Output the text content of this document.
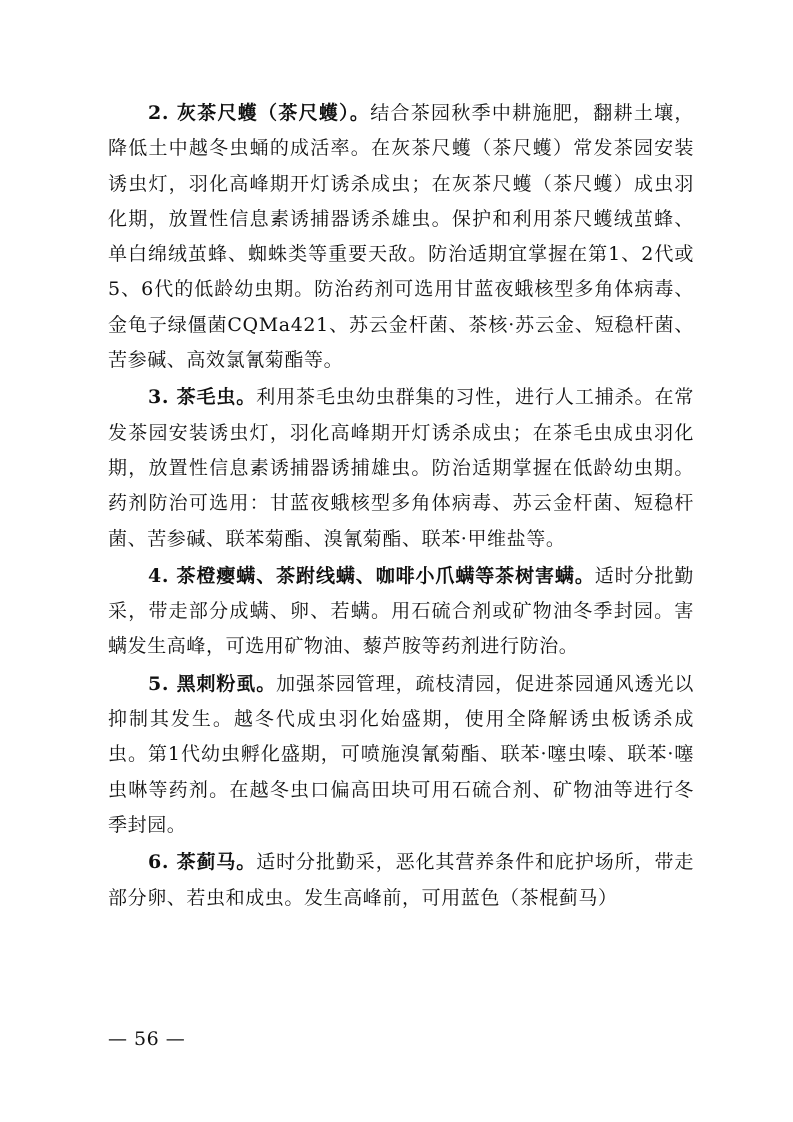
2. 灰茶尺蠖（茶尺蠖）。结合茶园秋季中耕施肥，翻耕土壤，降低土中越冬虫蛹的成活率。在灰茶尺蠖（茶尺蠖）常发茶园安装诱虫灯，羽化高峰期开灯诱杀成虫；在灰茶尺蠖（茶尺蠖）成虫羽化期，放置性信息素诱捕器诱杀雄虫。保护和利用茶尺蠖绒茧蜂、单白绵绒茧蜂、蜘蛛类等重要天敌。防治适期宜掌握在第1、2代或5、6代的低龄幼虫期。防治药剂可选用甘蓝夜蛾核型多角体病毒、金龟子绿僵菌CQMa421、苏云金杆菌、茶核·苏云金、短稳杆菌、苦参碱、高效氯氰菊酯等。

3. 茶毛虫。利用茶毛虫幼虫群集的习性，进行人工捕杀。在常发茶园安装诱虫灯，羽化高峰期开灯诱杀成虫；在茶毛虫成虫羽化期，放置性信息素诱捕器诱捕雄虫。防治适期掌握在低龄幼虫期。药剂防治可选用：甘蓝夜蛾核型多角体病毒、苏云金杆菌、短稳杆菌、苦参碱、联苯菊酯、溴氰菊酯、联苯·甲维盐等。

4. 茶橙瘿螨、茶跗线螨、咖啡小爪螨等茶树害螨。适时分批勤采，带走部分成螨、卵、若螨。用石硫合剂或矿物油冬季封园。害螨发生高峰，可选用矿物油、藜芦胺等药剂进行防治。

5. 黑刺粉虱。加强茶园管理，疏枝清园，促进茶园通风透光以抑制其发生。越冬代成虫羽化始盛期，使用全降解诱虫板诱杀成虫。第1代幼虫孵化盛期，可喷施溴氰菊酯、联苯·噻虫嗪、联苯·噻虫啉等药剂。在越冬虫口偏高田块可用石硫合剂、矿物油等进行冬季封园。

6. 茶蓟马。适时分批勤采，恶化其营养条件和庇护场所，带走部分卵、若虫和成虫。发生高峰前，可用蓝色（茶棍蓟马）

— 56 —
